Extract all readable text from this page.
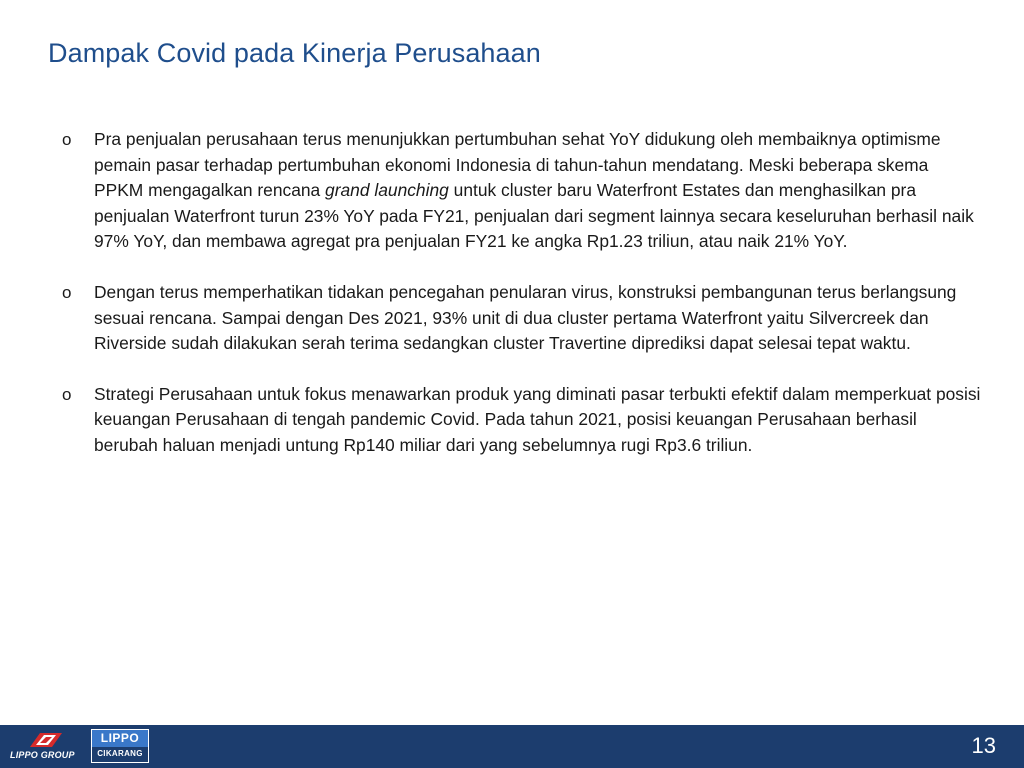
Dampak Covid pada Kinerja Perusahaan
o Pra penjualan perusahaan terus menunjukkan pertumbuhan sehat YoY didukung oleh membaiknya optimisme pemain pasar terhadap pertumbuhan ekonomi Indonesia di tahun-tahun mendatang. Meski beberapa skema PPKM mengagalkan rencana grand launching untuk cluster baru Waterfront Estates dan menghasilkan pra penjualan Waterfront turun 23% YoY pada FY21, penjualan dari segment lainnya secara keseluruhan berhasil naik 97% YoY, dan membawa agregat pra penjualan FY21 ke angka Rp1.23 triliun, atau naik 21% YoY.
o Dengan terus memperhatikan tidakan pencegahan penularan virus, konstruksi pembangunan terus berlangsung sesuai rencana. Sampai dengan Des 2021, 93% unit di dua cluster pertama Waterfront yaitu Silvercreek dan Riverside sudah dilakukan serah terima sedangkan cluster Travertine diprediksi dapat selesai tepat waktu.
o Strategi Perusahaan untuk fokus menawarkan produk yang diminati pasar terbukti efektif dalam memperkuat posisi keuangan Perusahaan di tengah pandemic Covid. Pada tahun 2021, posisi keuangan Perusahaan berhasil berubah haluan menjadi untung Rp140 miliar dari yang sebelumnya rugi Rp3.6 triliun.
LIPPO GROUP
LIPPO
CIKARANG	13
